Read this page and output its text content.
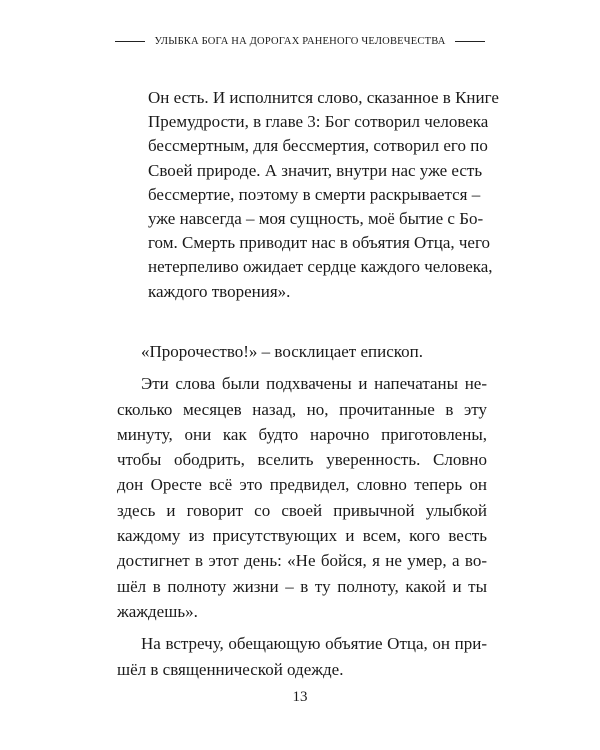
УЛЫБКА БОГА НА ДОРОГАХ РАНЕНОГО ЧЕЛОВЕЧЕСТВА
Он есть. И исполнится слово, сказанное в Книге
Премудрости, в главе 3: Бог сотворил человека
бессмертным, для бессмертия, сотворил его по
Своей природе. А значит, внутри нас уже есть
бессмертие, поэтому в смерти раскрывается –
уже навсегда – моя сущность, моё бытие с Бо-
гом. Смерть приводит нас в объятия Отца, чего
нетерпеливо ожидает сердце каждого человека,
каждого творения».
«Пророчество!» – восклицает епископ.
Эти слова были подхвачены и напечатаны не-
сколько месяцев назад, но, прочитанные в эту
минуту, они как будто нарочно приготовлены,
чтобы ободрить, вселить уверенность. Словно
дон Оресте всё это предвидел, словно теперь он
здесь и говорит со своей привычной улыбкой
каждому из присутствующих и всем, кого весть
достигнет в этот день: «Не бойся, я не умер, а во-
шёл в полноту жизни – в ту полноту, какой и ты
жаждешь».
На встречу, обещающую объятие Отца, он при-
шёл в священнической одежде.
13
